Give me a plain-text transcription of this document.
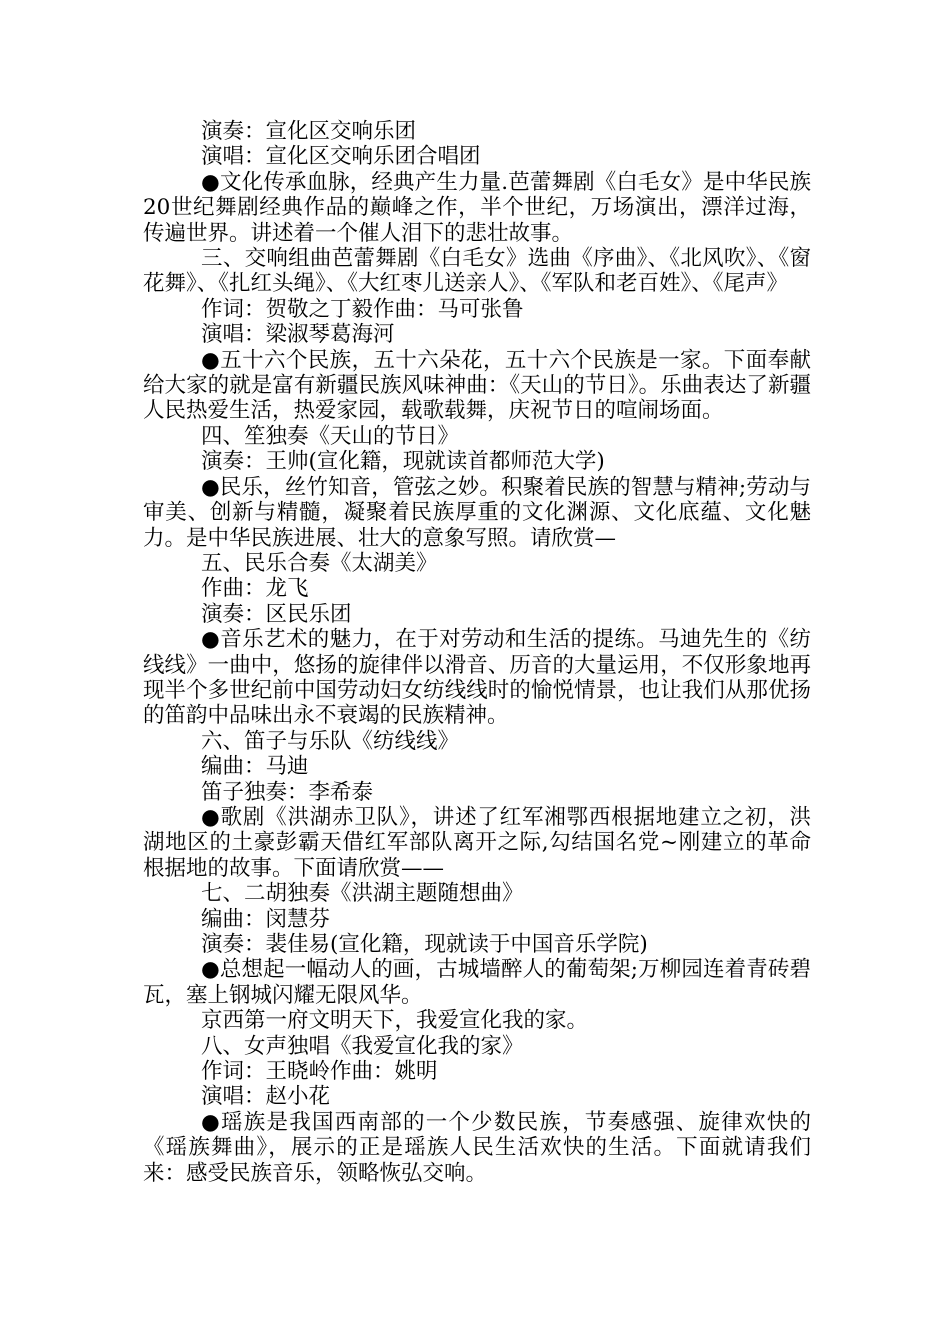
演奏：宣化区交响乐团

演唱：宣化区交响乐团合唱团

●文化传承血脉，经典产生力量.芭蕾舞剧《白毛女》是中华民族20世纪舞剧经典作品的巅峰之作，半个世纪，万场演出，漂洋过海，传遍世界。讲述着一个催人泪下的悲壮故事。

三、交响组曲芭蕾舞剧《白毛女》选曲《序曲》、《北风吹》、《窗花舞》、《扎红头绳》、《大红枣儿送亲人》、《军队和老百姓》、《尾声》

作词：贺敬之丁毅作曲：马可张鲁

演唱：梁淑琴葛海河

●五十六个民族，五十六朵花，五十六个民族是一家。下面奉献给大家的就是富有新疆民族风味神曲：《天山的节日》。乐曲表达了新疆人民热爱生活，热爱家园，载歌载舞，庆祝节日的喧闹场面。

四、笙独奏《天山的节日》

演奏：王帅(宣化籍，现就读首都师范大学)

●民乐，丝竹知音，管弦之妙。积聚着民族的智慧与精神;劳动与审美、创新与精髓，凝聚着民族厚重的文化渊源、文化底蕴、文化魅力。是中华民族进展、壮大的意象写照。请欣赏—

五、民乐合奏《太湖美》

作曲：龙飞

演奏：区民乐团

●音乐艺术的魅力，在于对劳动和生活的提练。马迪先生的《纺线线》一曲中，悠扬的旋律伴以滑音、历音的大量运用，不仅形象地再现半个多世纪前中国劳动妇女纺线线时的愉悦情景，也让我们从那优扬的笛韵中品味出永不衰竭的民族精神。

六、笛子与乐队《纺线线》

编曲：马迪

笛子独奏：李希泰

●歌剧《洪湖赤卫队》，讲述了红军湘鄂西根据地建立之初，洪湖地区的土豪彭霸天借红军部队离开之际,勾结国名党~刚建立的革命根据地的故事。下面请欣赏——

七、二胡独奏《洪湖主题随想曲》

编曲：闵慧芬

演奏：裴佳易(宣化籍，现就读于中国音乐学院)

●总想起一幅动人的画，古城墙醉人的葡萄架;万柳园连着青砖碧瓦，塞上钢城闪耀无限风华。

京西第一府文明天下，我爱宣化我的家。

八、女声独唱《我爱宣化我的家》

作词：王晓岭作曲：姚明

演唱：赵小花

●瑶族是我国西南部的一个少数民族，节奏感强、旋律欢快的《瑶族舞曲》，展示的正是瑶族人民生活欢快的生活。下面就请我们来：感受民族音乐，领略恢弘交响。
